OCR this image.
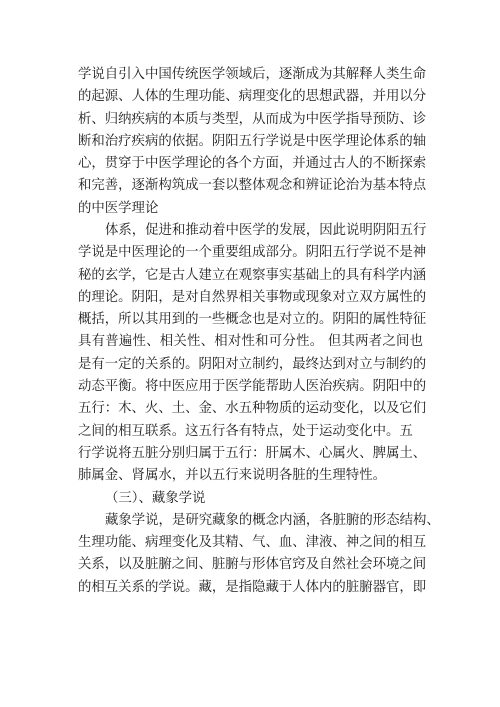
学说自引入中国传统医学领域后，逐渐成为其解释人类生命
的起源、人体的生理功能、病理变化的思想武器，并用以分
析、归纳疾病的本质与类型，从而成为中医学指导预防、诊
断和治疗疾病的依据。阴阳五行学说是中医学理论体系的轴
心，贯穿于中医学理论的各个方面，并通过古人的不断探索
和完善，逐渐构筑成一套以整体观念和辨证论治为基本特点
的中医学理论
体系，促进和推动着中医学的发展，因此说明阴阳五行
学说是中医理论的一个重要组成部分。阴阳五行学说不是神
秘的玄学，它是古人建立在观察事实基础上的具有科学内涵
的理论。阴阳，是对自然界相关事物或现象对立双方属性的
概括，所以其用到的一些概念也是对立的。阴阳的属性特征
具有普遍性、相关性、相对性和可分性。 但其两者之间也
是有一定的关系的。阴阳对立制约，最终达到对立与制约的
动态平衡。将中医应用于医学能帮助人医治疾病。阴阳中的
五行：木、火、土、金、水五种物质的运动变化，以及它们
之间的相互联系。这五行各有特点，处于运动变化中。五
行学说将五脏分别归属于五行：肝属木、心属火、脾属土、
肺属金、肾属水，并以五行来说明各脏的生理特性。
（三）、藏象学说
藏象学说，是研究藏象的概念内涵，各脏腑的形态结构、
生理功能、病理变化及其精、气、血、津液、神之间的相互
关系，以及脏腑之间、脏腑与形体官窍及自然社会环境之间
的相互关系的学说。藏，是指隐藏于人体内的脏腑器官，即
